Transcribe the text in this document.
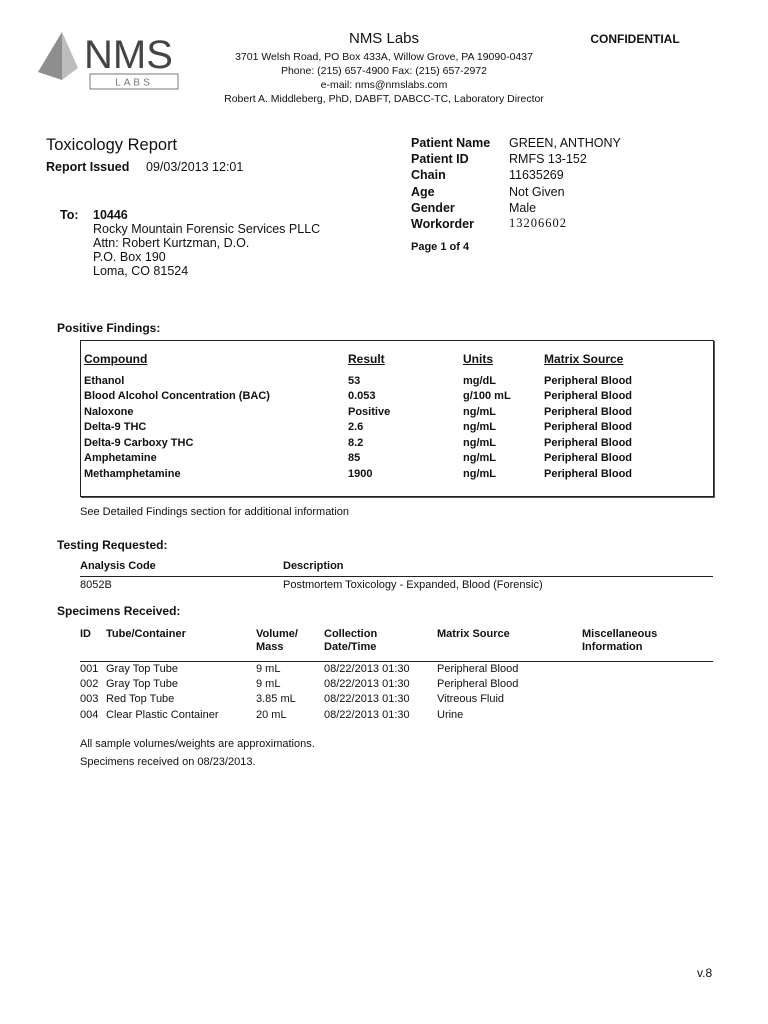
NMS
LABS
NMS Labs
3701 Welsh Road, PO Box 433A, Willow Grove, PA 19090-0437
Phone: (215) 657-4900 Fax: (215) 657-2972
e-mail: nms@nmslabs.com
Robert A. Middleberg, PhD, DABFT, DABCC-TC, Laboratory Director
CONFIDENTIAL
Toxicology Report
Report Issued 09/03/2013 12:01
Patient Name GREEN, ANTHONY
Patient ID	RMFS 13-152
Chain	11635269
Age	Not Given
Gender	Male
Workorder	13206602
Page 1 of 4
To: 10446
Rocky Mountain Forensic Services PLLC
Attn: Robert Kurtzman, D.O.
P.O. Box 190
Loma, CO 81524
Positive Findings:
Compound	Result	Units	Matrix Source
Ethanol	53	mg/dL	Peripheral Blood
Blood Alcohol Concentration (BAC)	0.053	g/100 mL	Peripheral Blood
Naloxone	Positive	ng/mL	Peripheral Blood
Delta-9 THC	2.6	ng/mL	Peripheral Blood
Delta-9 Carboxy THC	8.2	ng/mL	Peripheral Blood
Amphetamine	85	ng/mL	Peripheral Blood
Methamphetamine	1900	ng/mL	Peripheral Blood
See Detailed Findings section for additional information
Testing Requested:
Analysis Code	Description
8052B	Postmortem Toxicology - Expanded, Blood (Forensic)
Specimens Received:
ID Tube/Container	Volume/
Mass
Collection
Date/Time
Matrix Source	Miscellaneous
Information
001 Gray Top Tube	9 mL	08/22/2013 01:30 Peripheral Blood
002 Gray Top Tube	9 mL	08/22/2013 01:30 Peripheral Blood
003 Red Top Tube	3.85 mL	08/22/2013 01:30 Vitreous Fluid
004 Clear Plastic Container	20 mL	08/22/2013 01:30 Urine
All sample volumes/weights are approximations.
Specimens received on 08/23/2013.
v.8
